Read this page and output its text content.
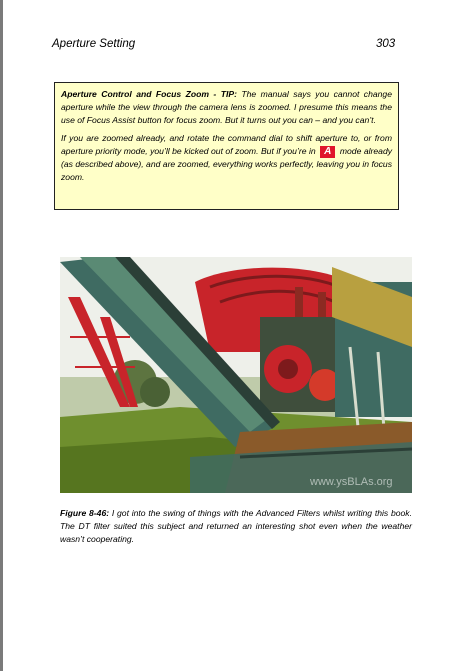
Aperture Setting	303

Aperture Control and Focus Zoom - TIP: The manual says you cannot change aperture while the view through the camera lens is zoomed. I presume this means the use of Focus Assist button for focus zoom. But it turns out you can – and you can’t.

If you are zoomed already, and rotate the command dial to shift aperture to, or from aperture priority mode, you’ll be kicked out of zoom. But if you’re in A mode already (as described above), and are zoomed, everything works perfectly, leaving you in focus zoom.

www.ysBLAs.org

Figure 8-46: I got into the swing of things with the Advanced Filters whilst writing this book. The DT filter suited this subject and returned an interesting shot even when the weather wasn’t cooperating.
